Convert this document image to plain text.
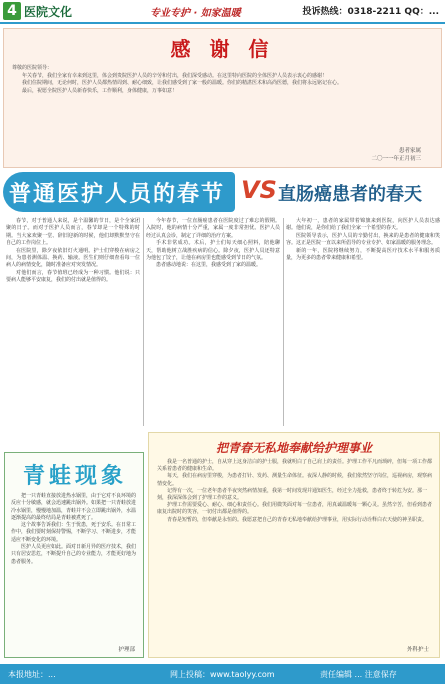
4 医院文化	专业专护 · 如家温暖	投诉热线：0318-2211 QQ：...
感 谢 信
尊敬的医院领导：

年关春节，我们全家有幸来到这里，体会到贵院医护人员的辛劳和付出，我们深受感动。在这里特向医院的全体医护人员表示衷心的感谢！

我们住院期间，无论何时，医护人员都热情周到、耐心细致，让我们感受到了家一般的温暖。你们的精湛医术和高尚医德，我们将永远铭记在心。

最后，祝愿全院医护人员新春快乐，工作顺利，身体健康，万事如意！

患者家属
二〇一一年正月初三
普通医护人员的春节 VS 直肠癌患者的春天

春节，对于普通人来说，是个温馨的节日，是个全家团聚的日子。而对于医护人员而言，春节却是一个特殊的时期。当大家欢聚一堂、辞旧迎新的时候，他们却默默坚守在自己的工作岗位上。

在医院里，除夕夜依旧灯火通明。护士们穿梭在病房之间，为患者测体温、换药、输液。医生们则仔细查看每一位病人的病情变化，随时准备应对突发情况。

对他们而言，春节值班已经成为一种习惯。他们说：只要病人能够平安康复，我们的付出就是值得的。

今年春节，一位直肠癌患者在医院度过了难忘的假期。入院时，他的病情十分严重，家属一度非常担忧。医护人员经过认真会诊，制定了详细的治疗方案。

手术非常成功。术后，护士们每天细心照料，陪他聊天，帮助他树立战胜疾病的信心。除夕夜，医护人员还特意为他包了饺子，让他在病房里也能感受到节日的气氛。

患者感动地说：在这里，我感受到了家的温暖。

大年初一，患者的家属带着锦旗来到医院，向医护人员表达感谢。他们说，是你们给了我们全家一个希望的春天。

医院领导表示，医护人员的辛勤付出，换来的是患者的健康和笑容。这正是医院一直以来所倡导的专业专护、如家温暖的服务理念。

新的一年，医院将继续努力，不断提高医疗技术水平和服务质量，为更多的患者带来健康和希望。

青蛙现象

把一只青蛙直接放进热水锅里，由于它对不良环境的反应十分敏感，就会迅速跳出锅外。如果把一只青蛙放进冷水锅里，慢慢地加温，青蛙并不会立即跳出锅外，水温逐渐提高的最终结局是青蛙被煮死了。

这个故事告诉我们：生于忧患，死于安乐。在日常工作中，我们要时刻保持警惕，不断学习、不断进步，才能适应不断变化的环境。

医护人员更应如此。面对日新月异的医疗技术，我们只有居安思危，不断提升自己的专业能力，才能更好地为患者服务。

护理部
把青春无私地奉献给护理事业

我是一名普通的护士，自从穿上这身洁白的护士服，我就明白了自己肩上的责任。护理工作平凡而琐碎，但每一项工作都关系着患者的健康和生命。

每天，我们在病房里穿梭，为患者打针、发药、测量生命体征。夜深人静的时候，我们依然坚守岗位，巡视病房，观察病情变化。

记得有一次，一位老年患者半夜突然病情加重，我第一时间发现并通知医生，经过全力抢救，患者终于转危为安。那一刻，我深深体会到了护理工作的意义。

护理工作需要爱心、耐心、细心和责任心。我们用微笑面对每一位患者，用真诚温暖每一颗心灵。虽然辛苦，但看到患者康复出院时的笑容，一切付出都是值得的。

青春是短暂的，但奉献是永恒的。我愿意把自己的青春无私地奉献给护理事业，用实际行动诠释白衣天使的神圣职责。

外科护士
本报地址：...	网上投稿：www.taolyy.com	责任编辑 ... 注意保存
